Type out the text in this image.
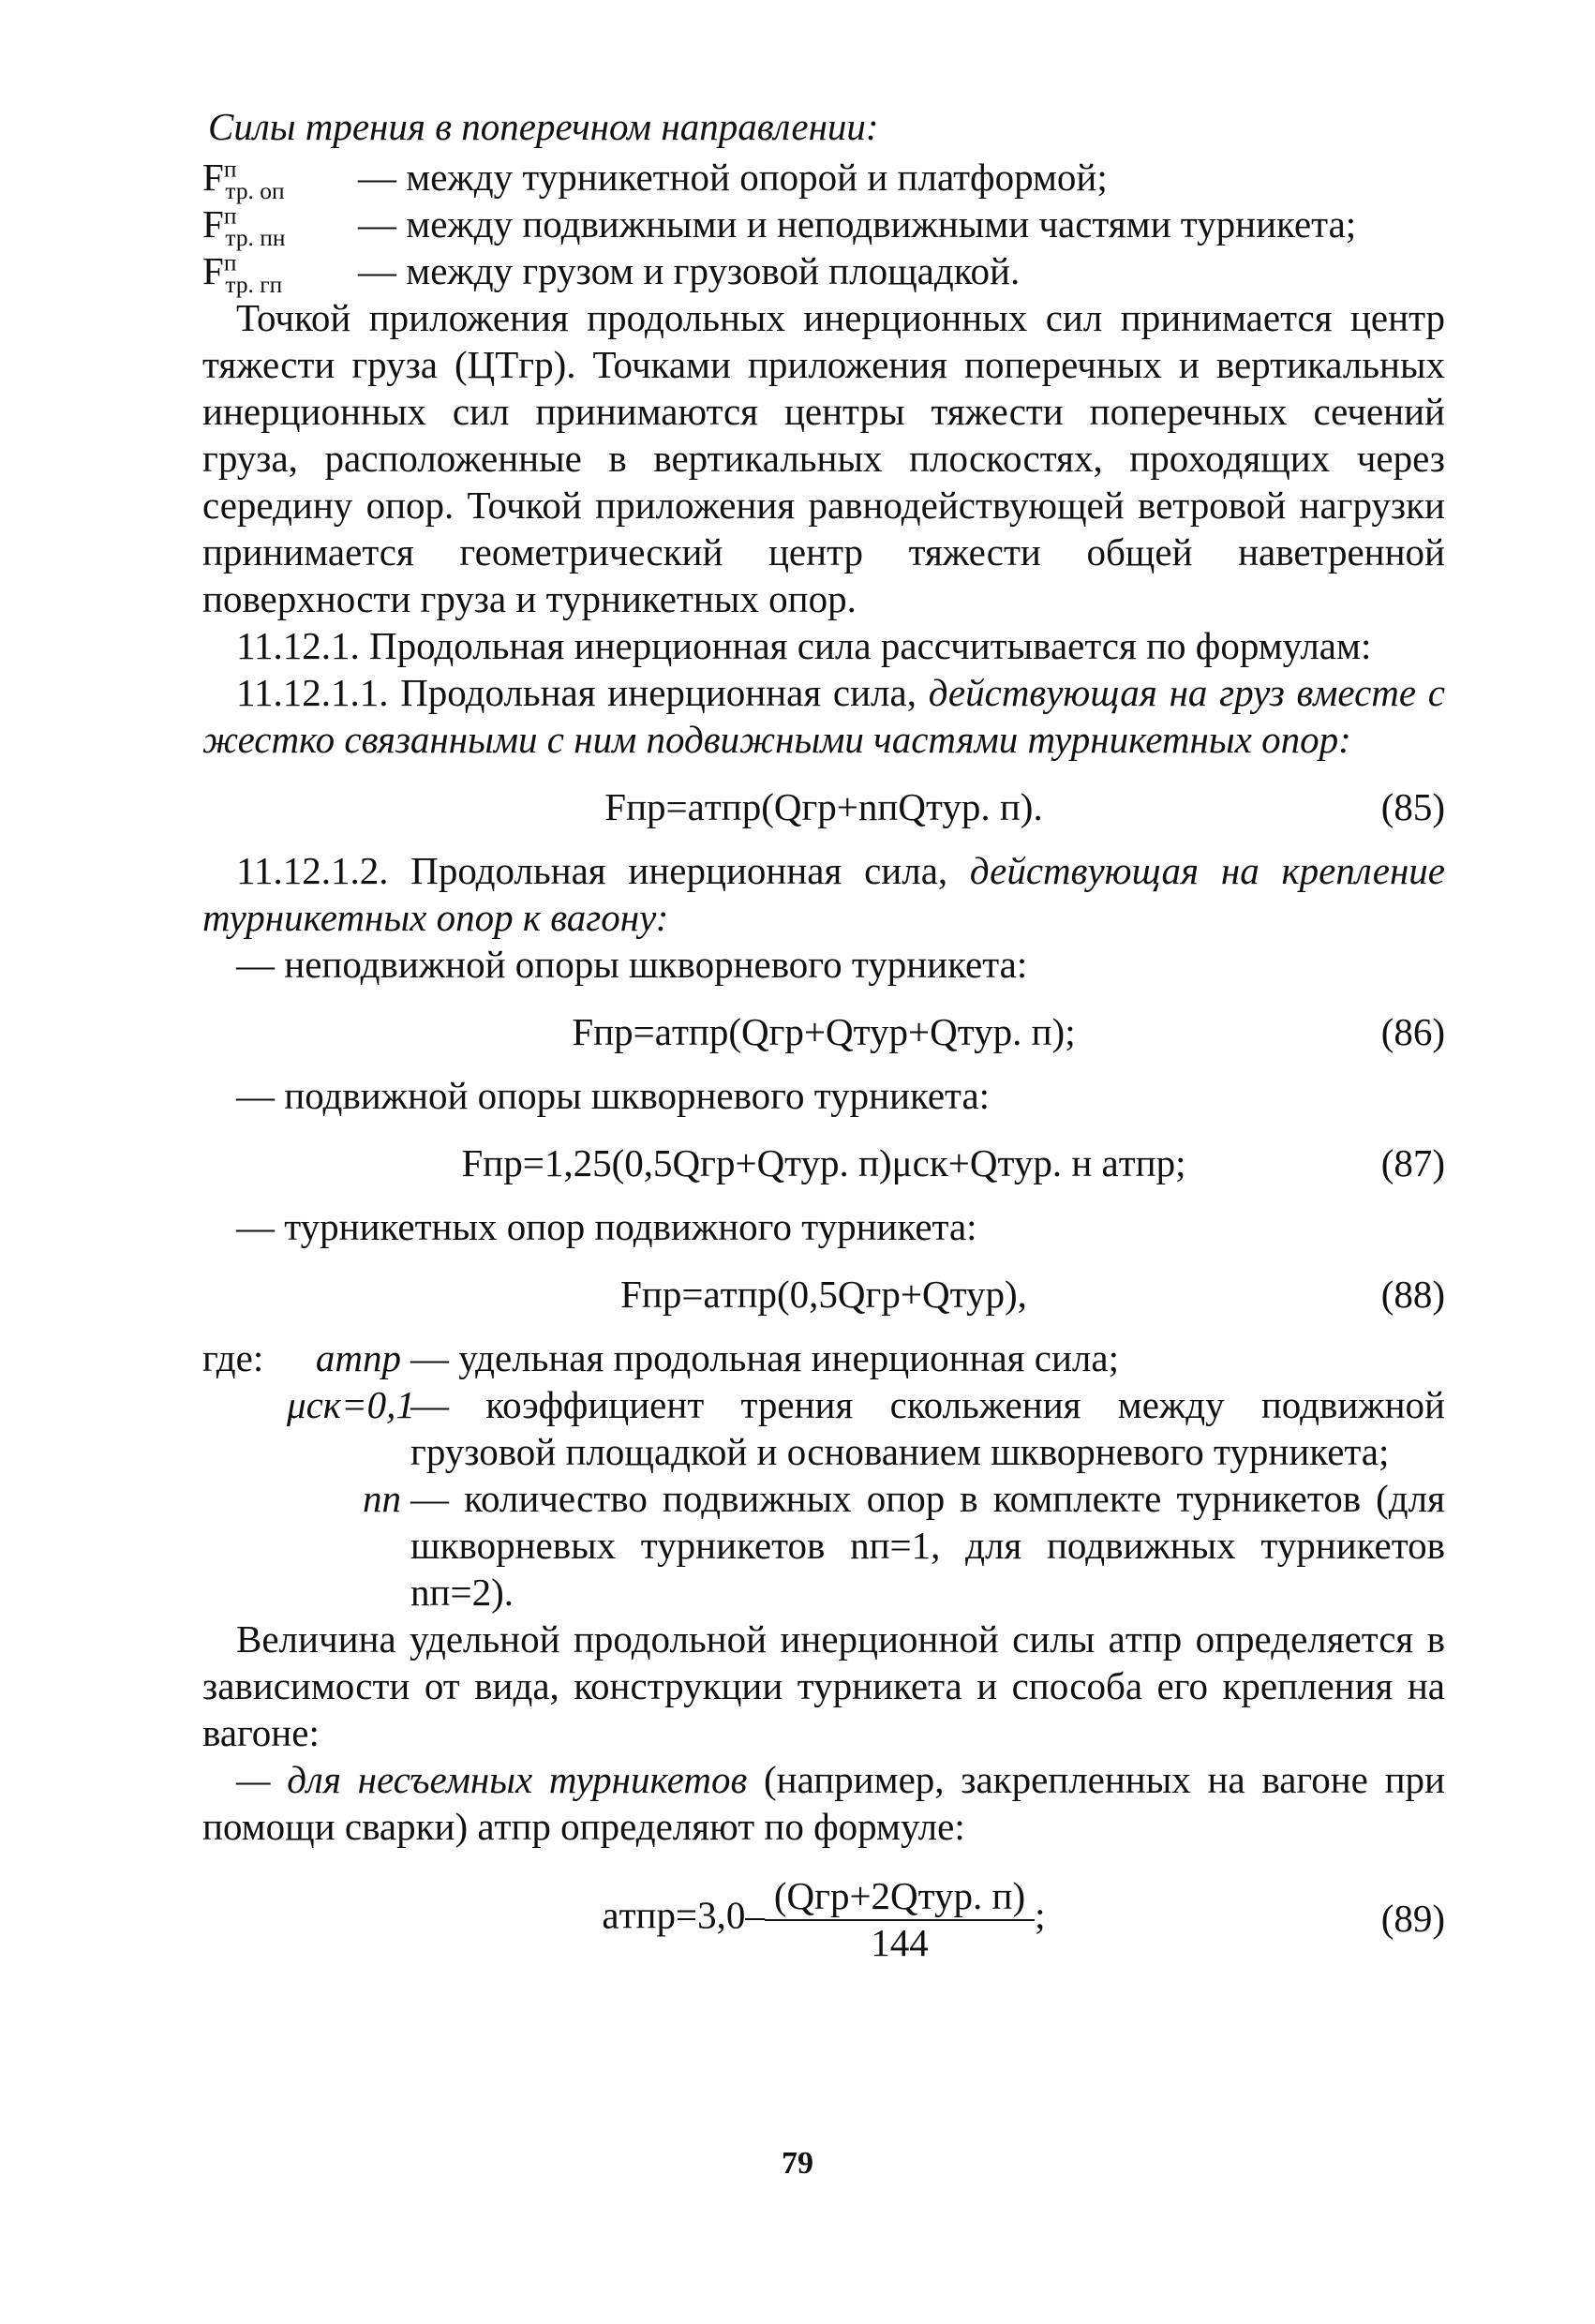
Силы трения в поперечном направлении:

$F^п_{тр. оп}$	— между турникетной опорой и платформой;
$F^п_{тр. пн}$	— между подвижными и неподвижными частями турникета;
$F^п_{тр. гп}$	— между грузом и грузовой площадкой.

Точкой приложения продольных инерционных сил принимается центр тяжести груза (ЦТгр). Точками приложения поперечных и вертикальных инерционных сил принимаются центры тяжести поперечных сечений груза, расположенные в вертикальных плоскостях, проходящих через середину опор. Точкой приложения равнодействующей ветровой нагрузки принимается геометрический центр тяжести общей наветренной поверхности груза и турникетных опор.

11.12.1. Продольная инерционная сила рассчитывается по формулам:

11.12.1.1. Продольная инерционная сила, действующая на груз вместе с жестко связанными с ним подвижными частями турникетных опор:

Fпр=aтпр(Qгр+nпQтур. п).	(85)

11.12.1.2. Продольная инерционная сила, действующая на крепление турникетных опор к вагону:

— неподвижной опоры шкворневого турникета:

Fпр=aтпр(Qгр+Qтур+Qтур. п);	(86)

— подвижной опоры шкворневого турникета:

Fпр=1,25(0,5Qгр+Qтур. п)μск+Qтур. н aтпр;	(87)

— турникетных опор подвижного турникета:

Fпр=aтпр(0,5Qгр+Qтур),	(88)
где:	aтпр — удельная продольная инерционная сила;
μск=0,1
— коэффициент трения скольжения между подвижной грузовой площадкой и основанием шкворневого турникета;
nп — количество подвижных опор в комплекте турникетов (для шкворневых турникетов nп=1, для подвижных турникетов nп=2).

Величина удельной продольной инерционной силы aтпр определяется в зависимости от вида, конструкции турникета и способа его крепления на вагоне:

— для несъемных турникетов (например, закрепленных на вагоне при помощи сварки) aтпр определяют по формуле:

aтпр=3,0– $\frac{\text{(Qгр+2Qтур. п)}}{144}$ ;	(89)
79
